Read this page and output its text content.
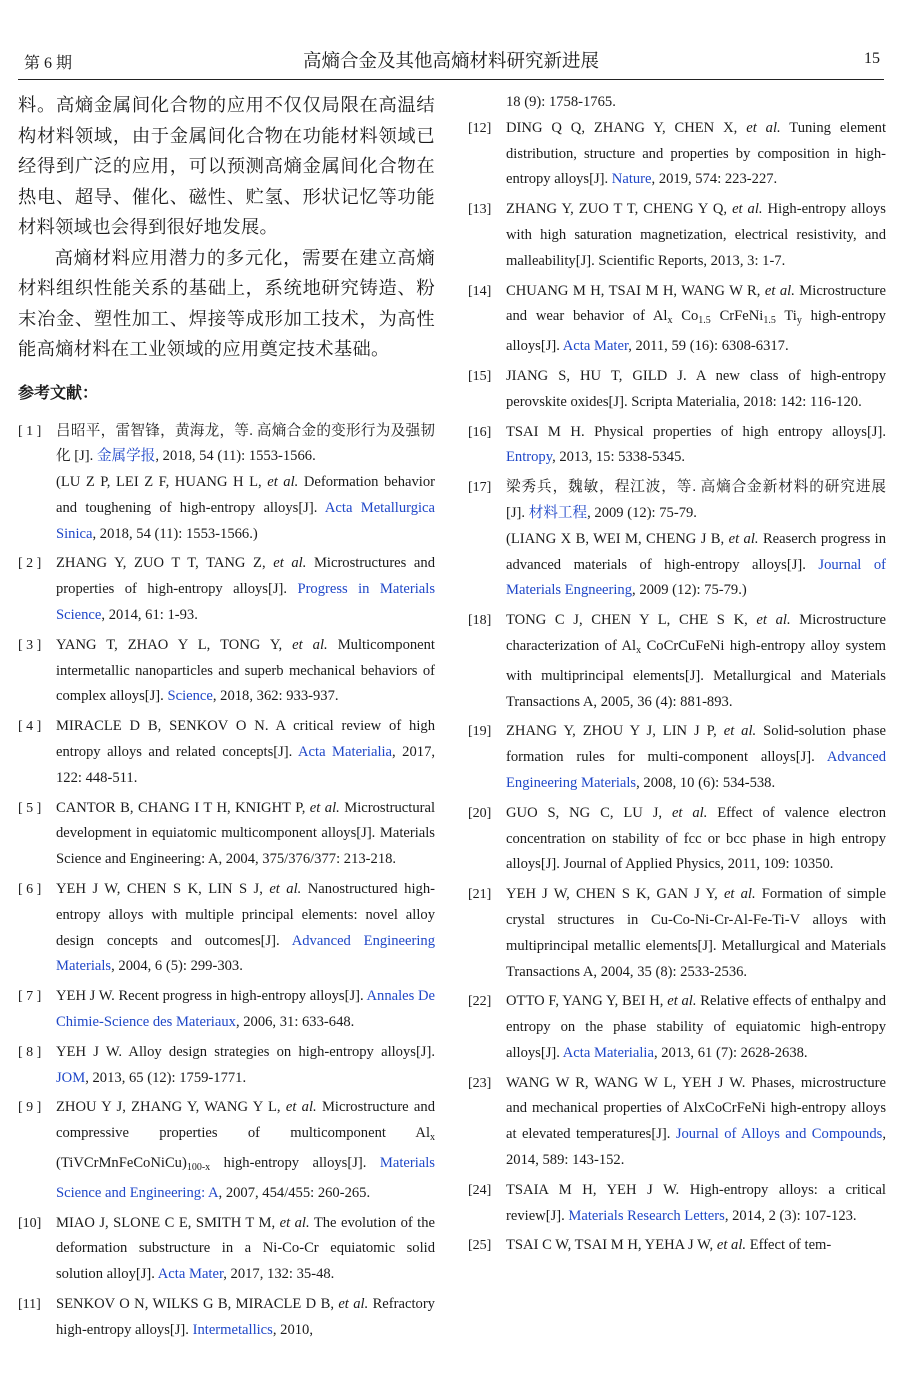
第 6 期	高熵合金及其他高熵材料研究新进展	15

料。高熵金属间化合物的应用不仅仅局限在高温结构材料领域，由于金属间化合物在功能材料领域已经得到广泛的应用，可以预测高熵金属间化合物在热电、超导、催化、磁性、贮氢、形状记忆等功能材料领域也会得到很好地发展。

高熵材料应用潜力的多元化，需要在建立高熵材料组织性能关系的基础上，系统地研究铸造、粉末冶金、塑性加工、焊接等成形加工技术，为高性能高熵材料在工业领域的应用奠定技术基础。

参考文献：
[ 1 ]	吕昭平，雷智锋，黄海龙，等. 高熵合金的变形行为及强韧化 [J]. 金属学报, 2018, 54 (11): 1553-1566.
(LU Z P, LEI Z F, HUANG H L, et al. Deformation behavior and toughening of high-entropy alloys[J]. Acta Metallurgica Sinica, 2018, 54 (11): 1553-1566.)
[ 2 ]	ZHANG Y, ZUO T T, TANG Z, et al. Microstructures and properties of high-entropy alloys[J]. Progress in Materials Science, 2014, 61: 1-93.
[ 3 ]	YANG T, ZHAO Y L, TONG Y, et al. Multicomponent intermetallic nanoparticles and superb mechanical behaviors of complex alloys[J]. Science, 2018, 362: 933-937.
[ 4 ]	MIRACLE D B, SENKOV O N. A critical review of high entropy alloys and related concepts[J]. Acta Materialia, 2017, 122: 448-511.
[ 5 ]	CANTOR B, CHANG I T H, KNIGHT P, et al. Microstructural development in equiatomic multicomponent alloys[J]. Materials Science and Engineering: A, 2004, 375/376/377: 213-218.
[ 6 ]	YEH J W, CHEN S K, LIN S J, et al. Nanostructured high-entropy alloys with multiple principal elements: novel alloy design concepts and outcomes[J]. Advanced Engineering Materials, 2004, 6 (5): 299-303.
[ 7 ]	YEH J W. Recent progress in high-entropy alloys[J]. Annales De Chimie-Science des Materiaux, 2006, 31: 633-648.
[ 8 ]	YEH J W. Alloy design strategies on high-entropy alloys[J]. JOM, 2013, 65 (12): 1759-1771.
[ 9 ]	ZHOU Y J, ZHANG Y, WANG Y L, et al. Microstructure and compressive properties of multicomponent $Al_x$ $(TiVCrMnFeCoNiCu)_{100-x}$ high-entropy alloys[J]. Materials Science and Engineering: A, 2007, 454/455: 260-265.
[10]	MIAO J, SLONE C E, SMITH T M, et al. The evolution of the deformation substructure in a Ni-Co-Cr equiatomic solid solution alloy[J]. Acta Mater, 2017, 132: 35-48.
[11]	SENKOV O N, WILKS G B, MIRACLE D B, et al. Refractory high-entropy alloys[J]. Intermetallics, 2010,
18 (9): 1758-1765.
[12]	DING Q Q, ZHANG Y, CHEN X, et al. Tuning element distribution, structure and properties by composition in high-entropy alloys[J]. Nature, 2019, 574: 223-227.
[13]	ZHANG Y, ZUO T T, CHENG Y Q, et al. High-entropy alloys with high saturation magnetization, electrical resistivity, and malleability[J]. Scientific Reports, 2013, 3: 1-7.
[14]	CHUANG M H, TSAI M H, WANG W R, et al. Microstructure and wear behavior of $Al_x$ $Co_{1.5}$ CrFeNi$_{1.5}$ $Ti_y$ high-entropy alloys[J]. Acta Mater, 2011, 59 (16): 6308-6317.
[15]	JIANG S, HU T, GILD J. A new class of high-entropy perovskite oxides[J]. Scripta Materialia, 2018: 142: 116-120.
[16]	TSAI M H. Physical properties of high entropy alloys[J]. Entropy, 2013, 15: 5338-5345.
[17]	梁秀兵，魏敏，程江波，等. 高熵合金新材料的研究进展 [J]. 材料工程, 2009 (12): 75-79.
(LIANG X B, WEI M, CHENG J B, et al. Reaserch progress in advanced materials of high-entropy alloys[J]. Journal of Materials Engneering, 2009 (12): 75-79.)
[18]	TONG C J, CHEN Y L, CHE S K, et al. Microstructure characterization of $Al_x$ CoCrCuFeNi high-entropy alloy system with multiprincipal elements[J]. Metallurgical and Materials Transactions A, 2005, 36 (4): 881-893.
[19]	ZHANG Y, ZHOU Y J, LIN J P, et al. Solid-solution phase formation rules for multi-component alloys[J]. Advanced Engineering Materials, 2008, 10 (6): 534-538.
[20]	GUO S, NG C, LU J, et al. Effect of valence electron concentration on stability of fcc or bcc phase in high entropy alloys[J]. Journal of Applied Physics, 2011, 109: 10350.
[21]	YEH J W, CHEN S K, GAN J Y, et al. Formation of simple crystal structures in Cu-Co-Ni-Cr-Al-Fe-Ti-V alloys with multiprincipal metallic elements[J]. Metallurgical and Materials Transactions A, 2004, 35 (8): 2533-2536.
[22]	OTTO F, YANG Y, BEI H, et al. Relative effects of enthalpy and entropy on the phase stability of equiatomic high-entropy alloys[J]. Acta Materialia, 2013, 61 (7): 2628-2638.
[23]	WANG W R, WANG W L, YEH J W. Phases, microstructure and mechanical properties of AlxCoCrFeNi high-entropy alloys at elevated temperatures[J]. Journal of Alloys and Compounds, 2014, 589: 143-152.
[24]	TSAIA M H, YEH J W. High-entropy alloys: a critical review[J]. Materials Research Letters, 2014, 2 (3): 107-123.
[25]	TSAI C W, TSAI M H, YEHA J W, et al. Effect of tem-
